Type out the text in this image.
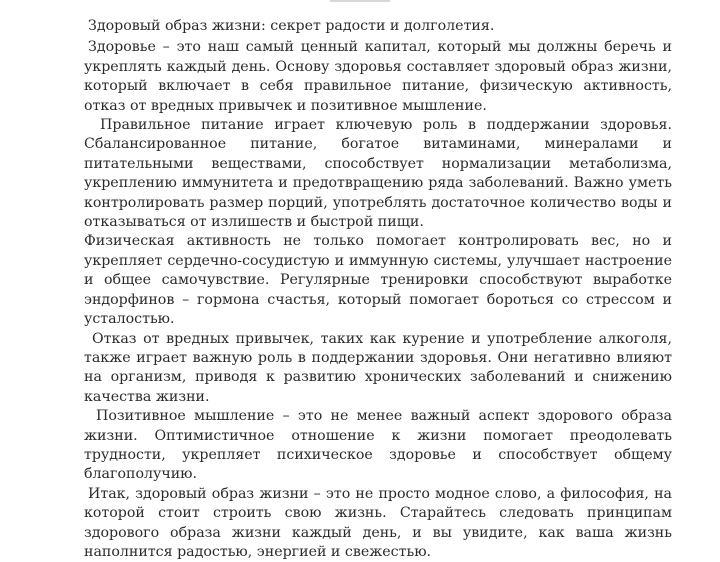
Здоровый образ жизни: секрет радости и долголетия.

Здоровье – это наш самый ценный капитал, который мы должны беречь и укреплять каждый день. Основу здоровья составляет здоровый образ жизни, который включает в себя правильное питание, физическую активность, отказ от вредных привычек и позитивное мышление.

Правильное питание играет ключевую роль в поддержании здоровья. Сбалансированное питание, богатое витаминами, минералами и питательными веществами, способствует нормализации метаболизма, укреплению иммунитета и предотвращению ряда заболеваний. Важно уметь контролировать размер порций, употреблять достаточное количество воды и отказываться от излишеств и быстрой пищи.

Физическая активность не только помогает контролировать вес, но и укрепляет сердечно-сосудистую и иммунную системы, улучшает настроение и общее самочувствие. Регулярные тренировки способствуют выработке эндорфинов – гормона счастья, который помогает бороться со стрессом и усталостью.

Отказ от вредных привычек, таких как курение и употребление алкоголя, также играет важную роль в поддержании здоровья. Они негативно влияют на организм, приводя к развитию хронических заболеваний и снижению качества жизни.

Позитивное мышление – это не менее важный аспект здорового образа жизни. Оптимистичное отношение к жизни помогает преодолевать трудности, укрепляет психическое здоровье и способствует общему благополучию.

Итак, здоровый образ жизни – это не просто модное слово, а философия, на которой стоит строить свою жизнь. Старайтесь следовать принципам здорового образа жизни каждый день, и вы увидите, как ваша жизнь наполнится радостью, энергией и свежестью.
